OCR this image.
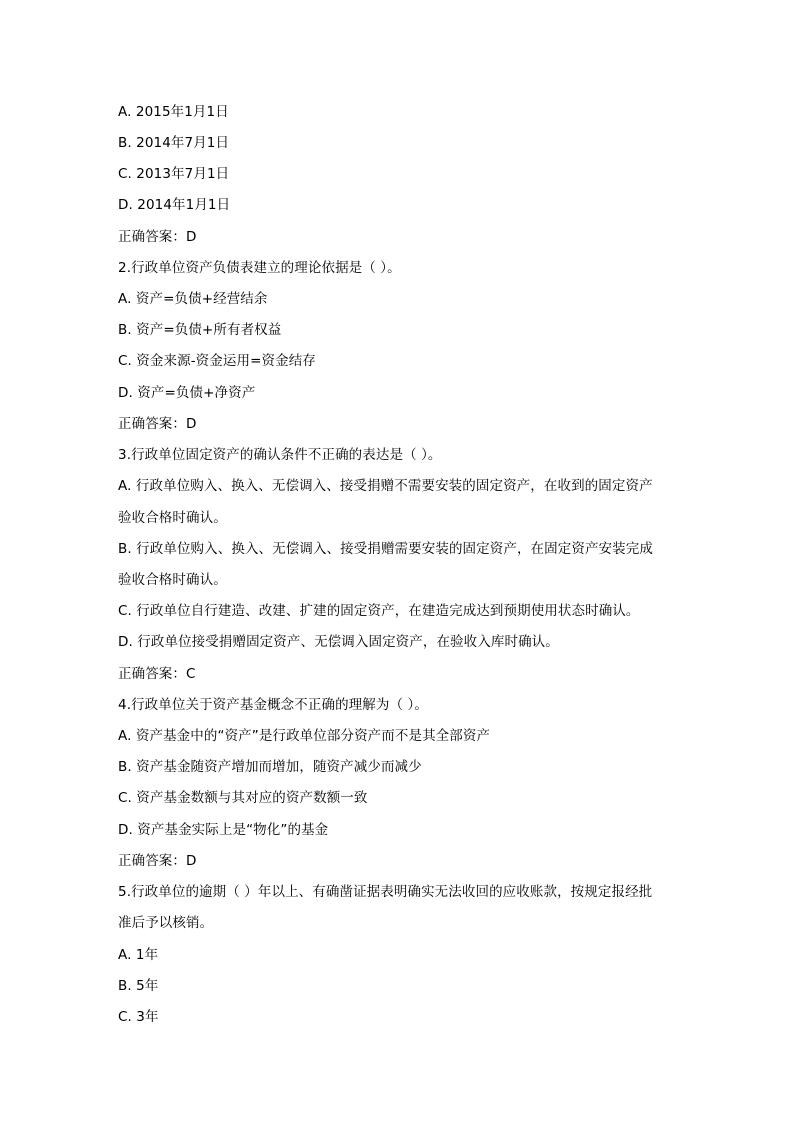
A. 2015年1月1日
B. 2014年7月1日
C. 2013年7月1日
D. 2014年1月1日
正确答案：D
2.行政单位资产负债表建立的理论依据是（ ）。
A. 资产=负债+经营结余
B. 资产=负债+所有者权益
C. 资金来源-资金运用=资金结存
D. 资产=负债+净资产
正确答案：D
3.行政单位固定资产的确认条件不正确的表达是（ ）。
A. 行政单位购入、换入、无偿调入、接受捐赠不需要安装的固定资产，在收到的固定资产
验收合格时确认。
B. 行政单位购入、换入、无偿调入、接受捐赠需要安装的固定资产，在固定资产安装完成
验收合格时确认。
C. 行政单位自行建造、改建、扩建的固定资产，在建造完成达到预期使用状态时确认。
D. 行政单位接受捐赠固定资产、无偿调入固定资产，在验收入库时确认。
正确答案：C
4.行政单位关于资产基金概念不正确的理解为（ ）。
A. 资产基金中的“资产”是行政单位部分资产而不是其全部资产
B. 资产基金随资产增加而增加，随资产减少而减少
C. 资产基金数额与其对应的资产数额一致
D. 资产基金实际上是“物化”的基金
正确答案：D
5.行政单位的逾期（ ）年以上、有确凿证据表明确实无法收回的应收账款，按规定报经批
准后予以核销。
A. 1年
B. 5年
C. 3年
